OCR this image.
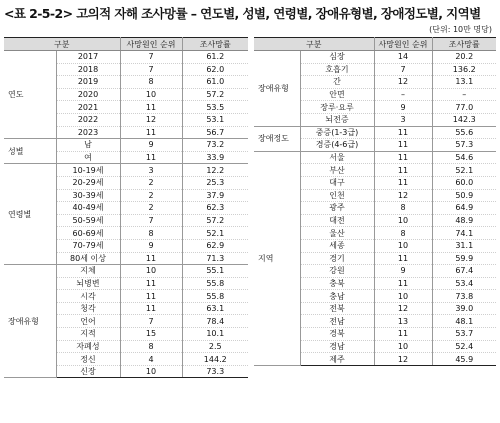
<표 2-5-2> 고의적 자해 조사망률 – 연도별, 성별, 연령별, 장애유형별, 장애정도별, 지역별
(단위: 10만 명당)
구분		사망원인 순위	조사망률
연도	2017	7	61.2
	2018	7	62.0
	2019	8	61.0
	2020	10	57.2
	2021	11	53.5
	2022	12	53.1
	2023	11	56.7
성별	남	9	73.2
	여	11	33.9
연령별	10-19세	3	12.2
	20-29세	2	25.3
	30-39세	2	37.9
	40-49세	2	62.3
	50-59세	7	57.2
	60-69세	8	52.1
	70-79세	9	62.9
	80세 이상	11	71.3
장애유형	지체	10	55.1
	뇌병변	11	55.8
	시각	11	55.8
	청각	11	63.1
	언어	7	78.4
	지적	15	10.1
	자폐성	8	2.5
	정신	4	144.2
	신장	10	73.3
구분		사망원인 순위	조사망률
장애유형	심장	14	20.2
	호흡기	7	136.2
	간	12	13.1
	안면	–	–
	장루·요루	9	77.0
	뇌전증	3	142.3
장애정도	중증(1-3급)	11	55.6
	경증(4-6급)	11	57.3
지역	서울	11	54.6
	부산	11	52.1
	대구	11	60.0
	인천	12	50.9
	광주	8	64.9
	대전	10	48.9
	울산	8	74.1
	세종	10	31.1
	경기	11	59.9
	강원	9	67.4
	충북	11	53.4
	충남	10	73.8
	전북	12	39.0
	전남	13	48.1
	경북	11	53.7
	경남	10	52.4
	제주	12	45.9
